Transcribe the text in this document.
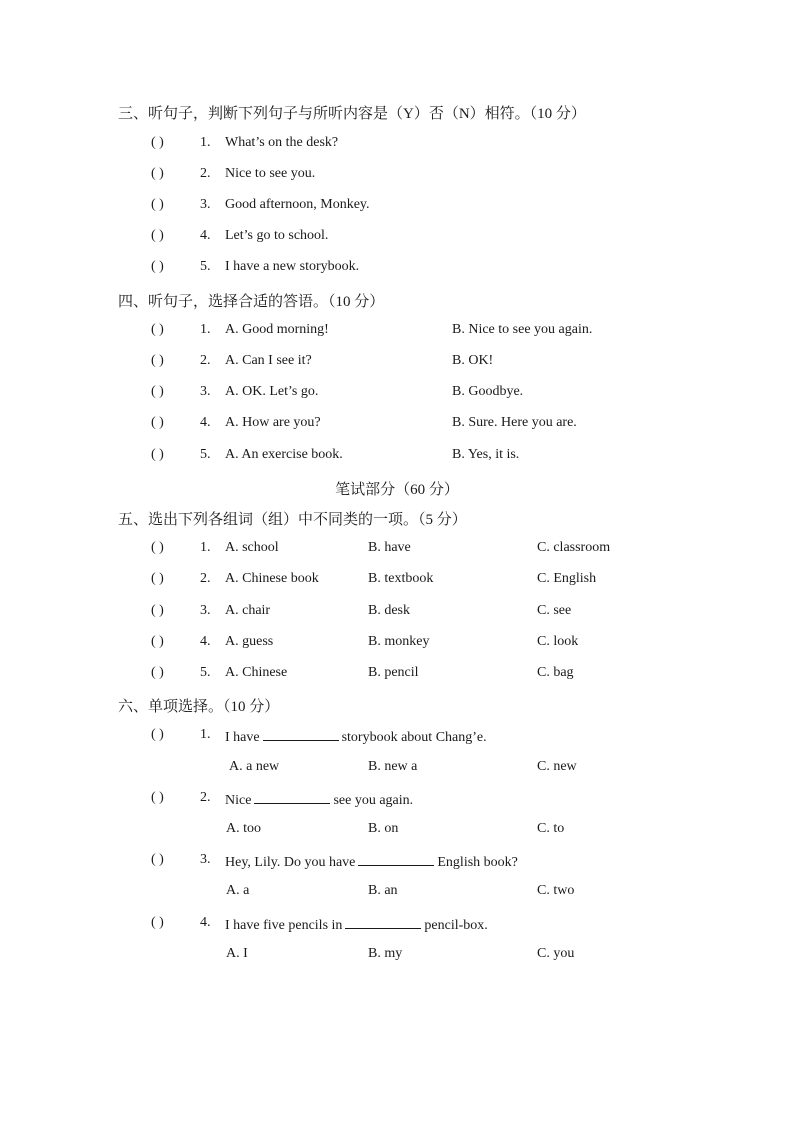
三、听句子，判断下列句子与所听内容是（Y）否（N）相符。（10 分）
( )	1. What’s on the desk?
( )	2. Nice to see you.
( )	3. Good afternoon, Monkey.
( )	4. Let’s go to school.
( )	5. I have a new storybook.
四、听句子，选择合适的答语。（10 分）
( )	1. A. Good morning!	B. Nice to see you again.
( )	2. A. Can I see it?	B. OK!
( )	3. A. OK. Let’s go.	B. Goodbye.
( )	4. A. How are you?	B. Sure. Here you are.
( )	5. A. An exercise book.	B. Yes, it is.
笔试部分（60 分）
五、选出下列各组词（组）中不同类的一项。（5 分）
( )	1. A. school	B. have	C. classroom
( )	2. A. Chinese book	B. textbook	C. English
( )	3. A. chair	B. desk	C. see
( )	4. A. guess	B. monkey	C. look
( )	5. A. Chinese	B. pencil	C. bag
六、单项选择。（10 分）
( )	1. I have	storybook about Chang’e.
A. a new	B. new a	C. new
( )	2. Nice	see you again.
A. too	B. on	C. to
( )	3. Hey, Lily. Do you have	English book?
A. a	B. an	C. two
( )	4. I have five pencils in	pencil-box.
A. I	B. my	C. you
